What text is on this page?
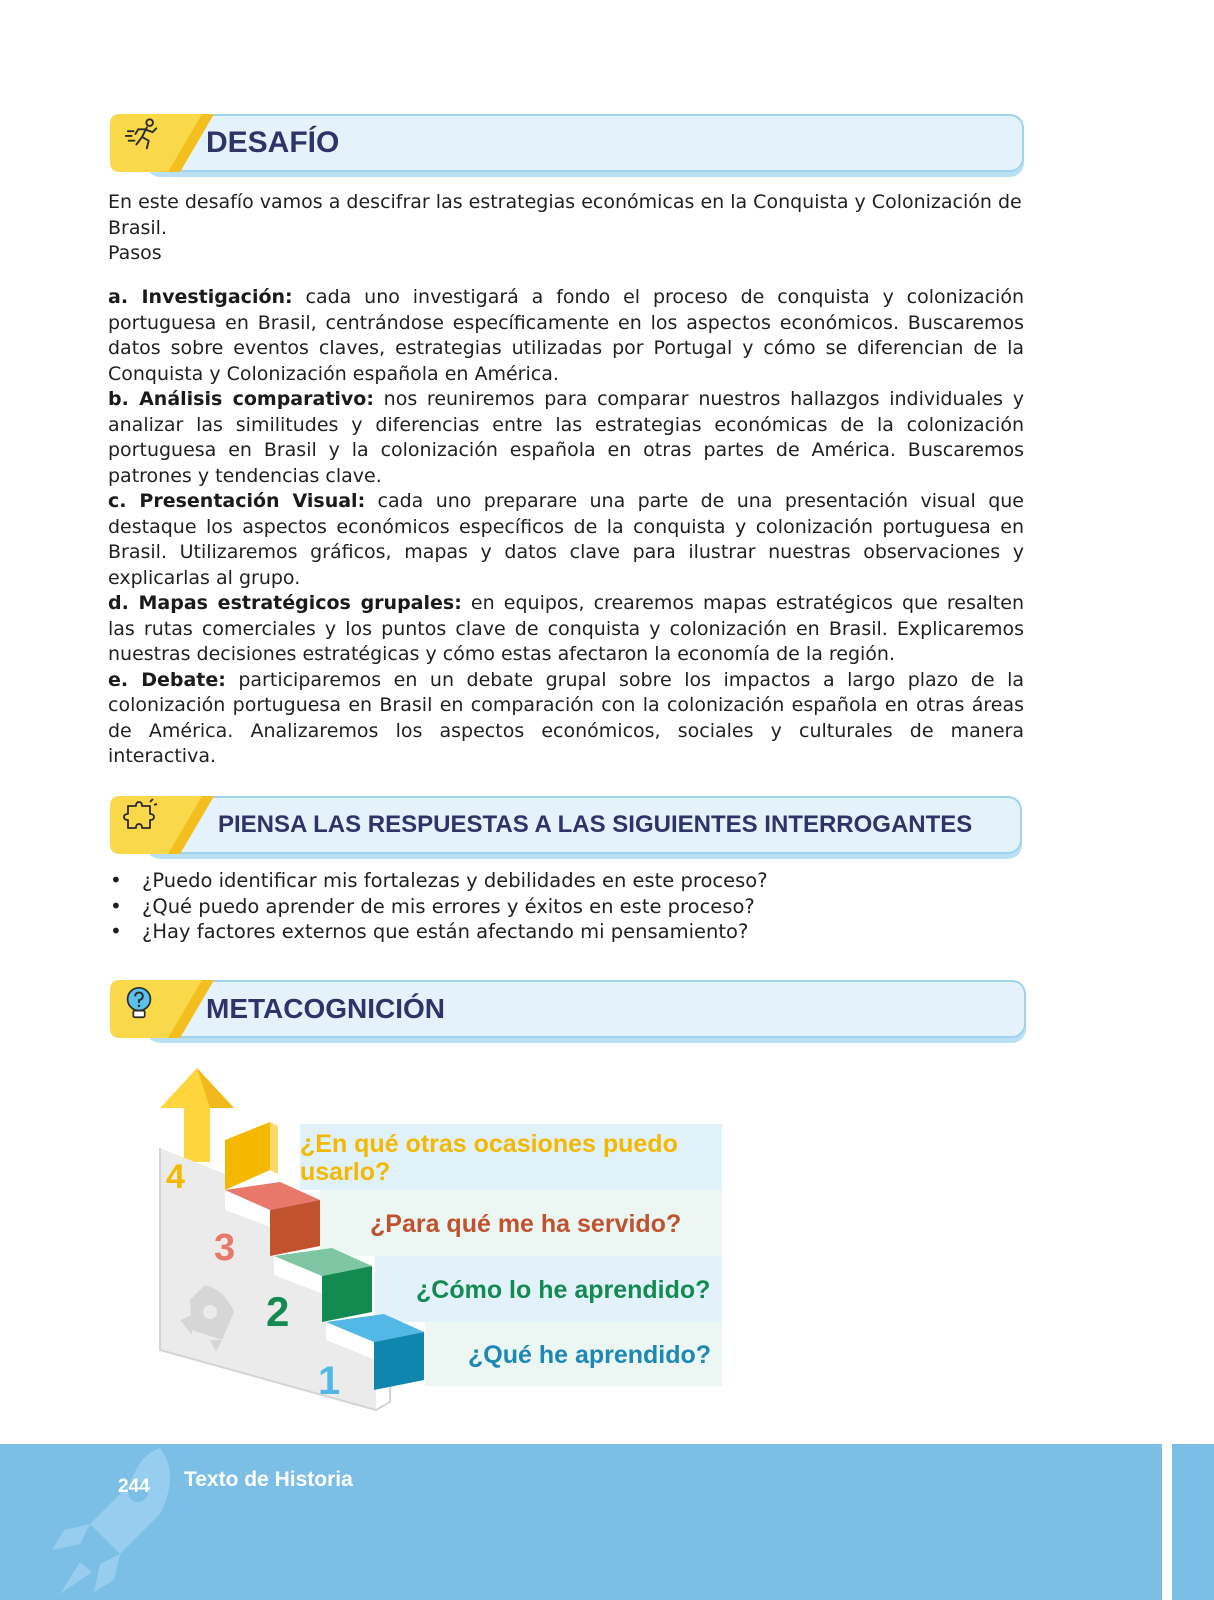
DESAFÍO
En este desafío vamos a descifrar las estrategias económicas en la Conquista y Colonización de Brasil.
Pasos

a. Investigación: cada uno investigará a fondo el proceso de conquista y colonización portuguesa en Brasil, centrándose específicamente en los aspectos económicos. Buscaremos datos sobre eventos claves, estrategias utilizadas por Portugal y cómo se diferencian de la Conquista y Colonización española en América.

b. Análisis comparativo: nos reuniremos para comparar nuestros hallazgos individuales y analizar las similitudes y diferencias entre las estrategias económicas de la colonización portuguesa en Brasil y la colonización española en otras partes de América. Buscaremos patrones y tendencias clave.

c. Presentación Visual: cada uno preparare una parte de una presentación visual que destaque los aspectos económicos específicos de la conquista y colonización portuguesa en Brasil. Utilizaremos gráficos, mapas y datos clave para ilustrar nuestras observaciones y explicarlas al grupo.

d. Mapas estratégicos grupales: en equipos, crearemos mapas estratégicos que resalten las rutas comerciales y los puntos clave de conquista y colonización en Brasil. Explicaremos nuestras decisiones estratégicas y cómo estas afectaron la economía de la región.

e. Debate: participaremos en un debate grupal sobre los impactos a largo plazo de la colonización portuguesa en Brasil en comparación con la colonización española en otras áreas de América. Analizaremos los aspectos económicos, sociales y culturales de manera interactiva.

PIENSA LAS RESPUESTAS A LAS SIGUIENTES INTERROGANTES
• ¿Puedo identificar mis fortalezas y debilidades en este proceso?
• ¿Qué puedo aprender de mis errores y éxitos en este proceso?
• ¿Hay factores externos que están afectando mi pensamiento?
METACOGNICIÓN
4
3
2
1
¿En qué otras ocasiones puedo usarlo?
¿Para qué me ha servido?
¿Cómo lo he aprendido?
¿Qué he aprendido?
244 Texto de Historia
